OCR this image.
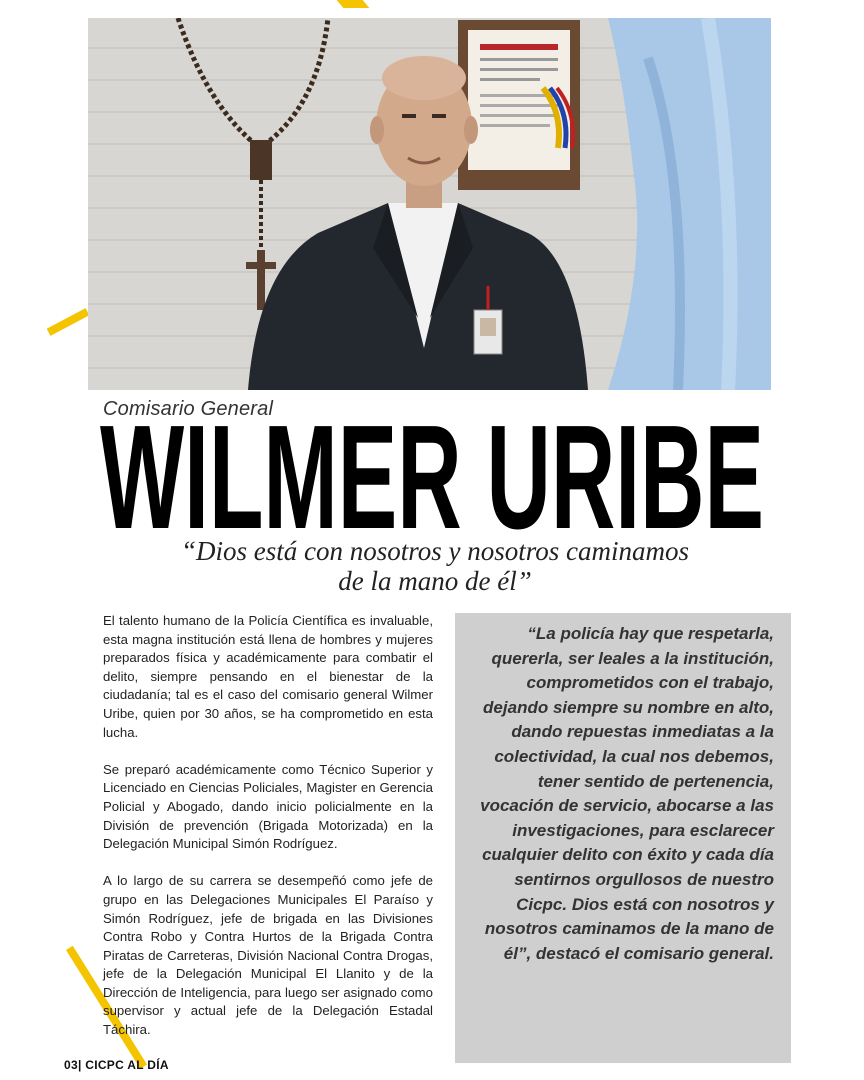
Comisario General
WILMER URIBE
“Dios está con nosotros y nosotros caminamos
de la mano de él”

El talento humano de la Policía Científica es invaluable, esta magna institución está llena de hombres y mujeres preparados física y académicamente para combatir el delito, siempre pensando en el bienestar de la ciudadanía; tal es el caso del comisario general Wilmer Uribe, quien por 30 años, se ha comprometido en esta lucha.

Se preparó académicamente como Técnico Superior y Licenciado en Ciencias Policiales, Magister en Gerencia Policial y Abogado, dando inicio policialmente en la División de prevención (Brigada Motorizada) en la Delegación Municipal Simón Rodríguez.

A lo largo de su carrera se desempeñó como jefe de grupo en las Delegaciones Municipales El Paraíso y Simón Rodríguez, jefe de brigada en las Divisiones Contra Robo y Contra Hurtos de la Brigada Contra Piratas de Carreteras, División Nacional Contra Drogas, jefe de la Delegación Municipal El Llanito y de la Dirección de Inteligencia, para luego ser asignado como supervisor y actual jefe de la Delegación Estadal Táchira.

“La policía hay que respetarla, quererla, ser leales a la institución, comprometidos con el trabajo, dejando siempre su nombre en alto, dando repuestas inmediatas a la colectividad, la cual nos debemos, tener sentido de pertenencia, vocación de servicio, abocarse a las investigaciones, para esclarecer cualquier delito con éxito y cada día sentirnos orgullosos de nuestro Cicpc. Dios está con nosotros y nosotros caminamos de la mano de él”, destacó el comisario general.
03| CICPC AL DÍA
